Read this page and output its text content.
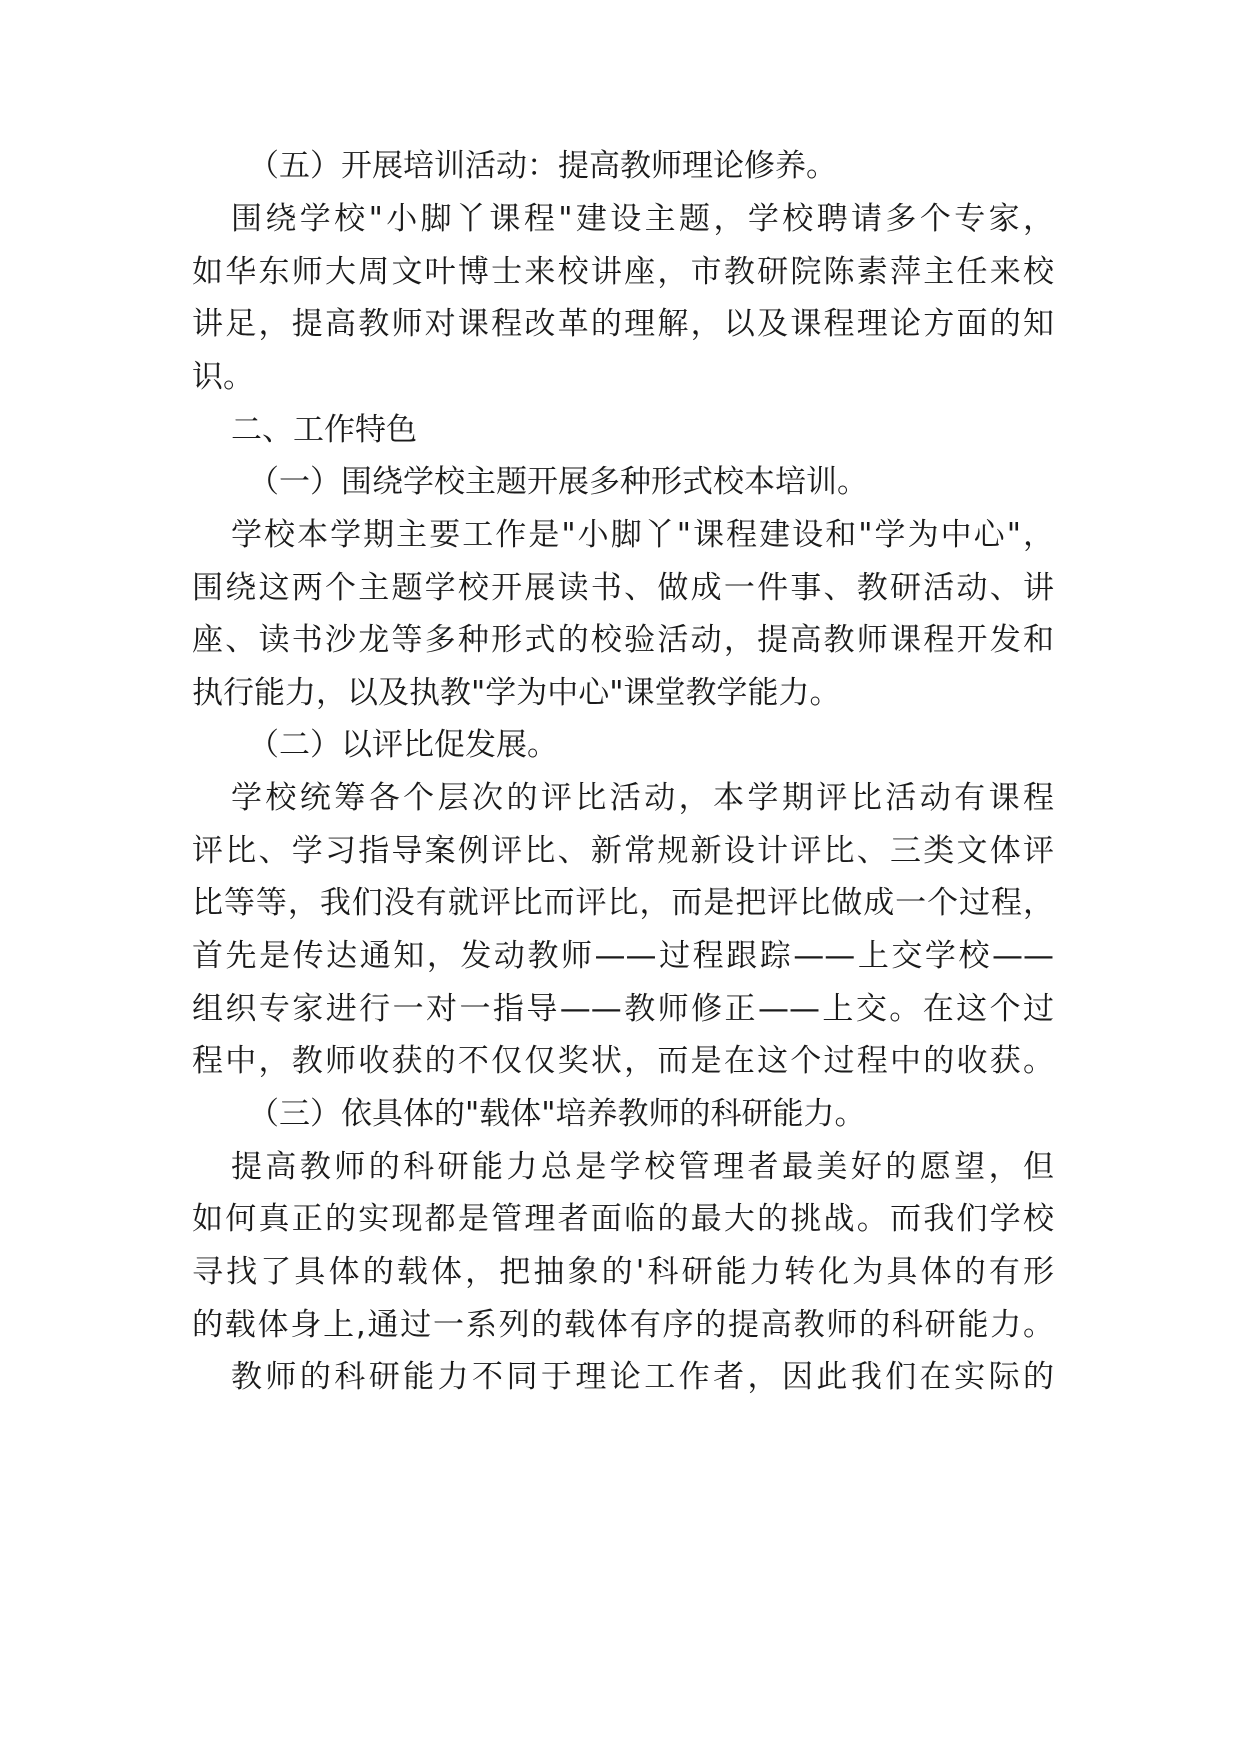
（五）开展培训活动：提高教师理论修养。
围绕学校"小脚丫课程"建设主题，学校聘请多个专家，
如华东师大周文叶博士来校讲座，市教研院陈素萍主任来校
讲足，提高教师对课程改革的理解，以及课程理论方面的知
识。
二、工作特色
（一）围绕学校主题开展多种形式校本培训。
学校本学期主要工作是"小脚丫"课程建设和"学为中心"，
围绕这两个主题学校开展读书、做成一件事、教研活动、讲
座、读书沙龙等多种形式的校验活动，提高教师课程开发和
执行能力，以及执教"学为中心"课堂教学能力。
（二）以评比促发展。
学校统筹各个层次的评比活动，本学期评比活动有课程
评比、学习指导案例评比、新常规新设计评比、三类文体评
比等等，我们没有就评比而评比，而是把评比做成一个过程，
首先是传达通知，发动教师——过程跟踪——上交学校——
组织专家进行一对一指导——教师修正——上交。在这个过
程中，教师收获的不仅仅奖状，而是在这个过程中的收获。
（三）依具体的"载体"培养教师的科研能力。
提高教师的科研能力总是学校管理者最美好的愿望，但
如何真正的实现都是管理者面临的最大的挑战。而我们学校
寻找了具体的载体，把抽象的'科研能力转化为具体的有形
的载体身上,通过一系列的载体有序的提高教师的科研能力。
教师的科研能力不同于理论工作者，因此我们在实际的
